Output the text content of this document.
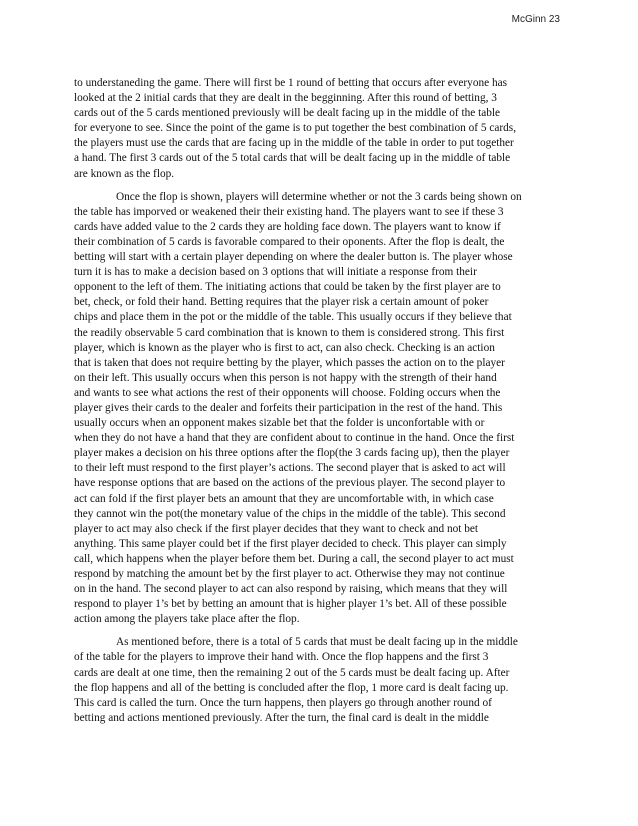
McGinn 23
to understaneding the game. There will first be 1 round of betting that occurs after everyone has
looked at the 2 initial cards that they are dealt in the begginning. After this round of betting, 3
cards out of the 5 cards mentioned previously will be dealt facing up in the middle of the table
for everyone to see. Since the point of the game is to put together the best combination of 5 cards,
the players must use the cards that are facing up in the middle of the table in order to put together
a hand. The first 3 cards out of the 5 total cards that will be dealt facing up in the middle of table
are known as the flop.
Once the flop is shown, players will determine whether or not the 3 cards being shown on
the table has imporved or weakened their their existing hand. The players want to see if these 3
cards have added value to the 2 cards they are holding face down. The players want to know if
their combination of 5 cards is favorable compared to their oponents. After the flop is dealt, the
betting will start with a certain player depending on where the dealer button is. The player whose
turn it is has to make a decision based on 3 options that will initiate a response from their
opponent to the left of them. The initiating actions that could be taken by the first player are to
bet, check, or fold their hand. Betting requires that the player risk a certain amount of poker
chips and place them in the pot or the middle of the table. This usually occurs if they believe that
the readily observable 5 card combination that is known to them is considered strong. This first
player, which is known as the player who is first to act, can also check. Checking is an action
that is taken that does not require betting by the player, which passes the action on to the player
on their left. This usually occurs when this person is not happy with the strength of their hand
and wants to see what actions the rest of their opponents will choose. Folding occurs when the
player gives their cards to the dealer and forfeits their participation in the rest of the hand. This
usually occurs when an opponent makes sizable bet that the folder is unconfortable with or
when they do not have a hand that they are confident about to continue in the hand. Once the first
player makes a decision on his three options after the flop(the 3 cards facing up), then the player
to their left must respond to the first player’s actions. The second player that is asked to act will
have response options that are based on the actions of the previous player. The second player to
act can fold if the first player bets an amount that they are uncomfortable with, in which case
they cannot win the pot(the monetary value of the chips in the middle of the table). This second
player to act may also check if the first player decides that they want to check and not bet
anything. This same player could bet if the first player decided to check. This player can simply
call, which happens when the player before them bet. During a call, the second player to act must
respond by matching the amount bet by the first player to act. Otherwise they may not continue
on in the hand. The second player to act can also respond by raising, which means that they will
respond to player 1’s bet by betting an amount that is higher player 1’s bet. All of these possible
action among the players take place after the flop.
As mentioned before, there is a total of 5 cards that must be dealt facing up in the middle
of the table for the players to improve their hand with. Once the flop happens and the first 3
cards are dealt at one time, then the remaining 2 out of the 5 cards must be dealt facing up. After
the flop happens and all of the betting is concluded after the flop, 1 more card is dealt facing up.
This card is called the turn. Once the turn happens, then players go through another round of
betting and actions mentioned previously. After the turn, the final card is dealt in the middle
